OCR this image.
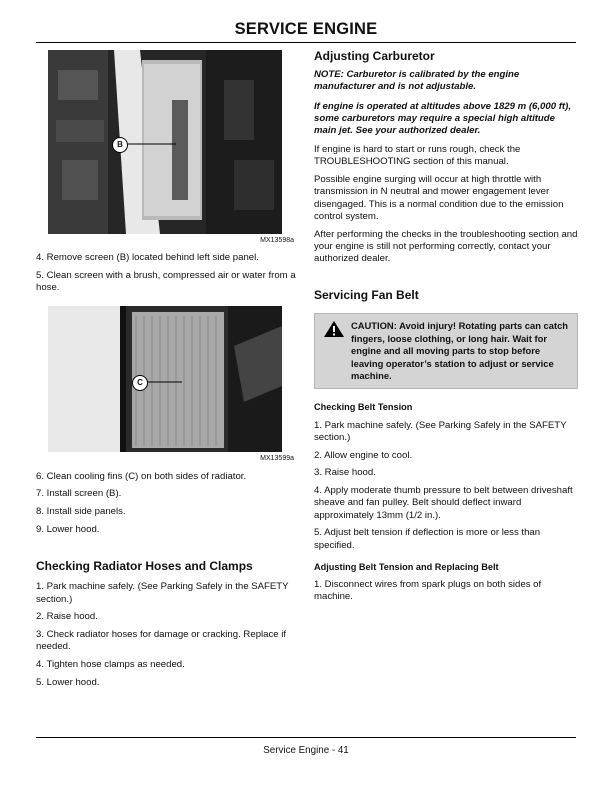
SERVICE ENGINE
B
MX13598a

4. Remove screen (B) located behind left side panel.

5. Clean screen with a brush, compressed air or water from a hose.

C
MX13599a

6. Clean cooling fins (C) on both sides of radiator.

7. Install screen (B).

8. Install side panels.

9. Lower hood.

Checking Radiator Hoses and Clamps

1. Park machine safely. (See Parking Safely in the SAFETY section.)

2. Raise hood.

3. Check radiator hoses for damage or cracking. Replace if needed.

4. Tighten hose clamps as needed.

5. Lower hood.

Adjusting Carburetor

NOTE: Carburetor is calibrated by the engine manufacturer and is not adjustable.

If engine is operated at altitudes above 1829 m (6,000 ft), some carburetors may require a special high altitude main jet. See your authorized dealer.

If engine is hard to start or runs rough, check the TROUBLESHOOTING section of this manual.

Possible engine surging will occur at high throttle with transmission in N neutral and mower engagement lever disengaged. This is a normal condition due to the emission control system.

After performing the checks in the troubleshooting section and your engine is still not performing correctly, contact your authorized dealer.

Servicing Fan Belt
CAUTION: Avoid injury! Rotating parts can catch fingers, loose clothing, or long hair. Wait for engine and all moving parts to stop before leaving operator’s station to adjust or service machine.
Checking Belt Tension

1. Park machine safely. (See Parking Safely in the SAFETY section.)

2. Allow engine to cool.

3. Raise hood.

4. Apply moderate thumb pressure to belt between driveshaft sheave and fan pulley. Belt should deflect inward approximately 13mm (1/2 in.).

5. Adjust belt tension if deflection is more or less than specified.

Adjusting Belt Tension and Replacing Belt

1. Disconnect wires from spark plugs on both sides of machine.

Service Engine - 41
